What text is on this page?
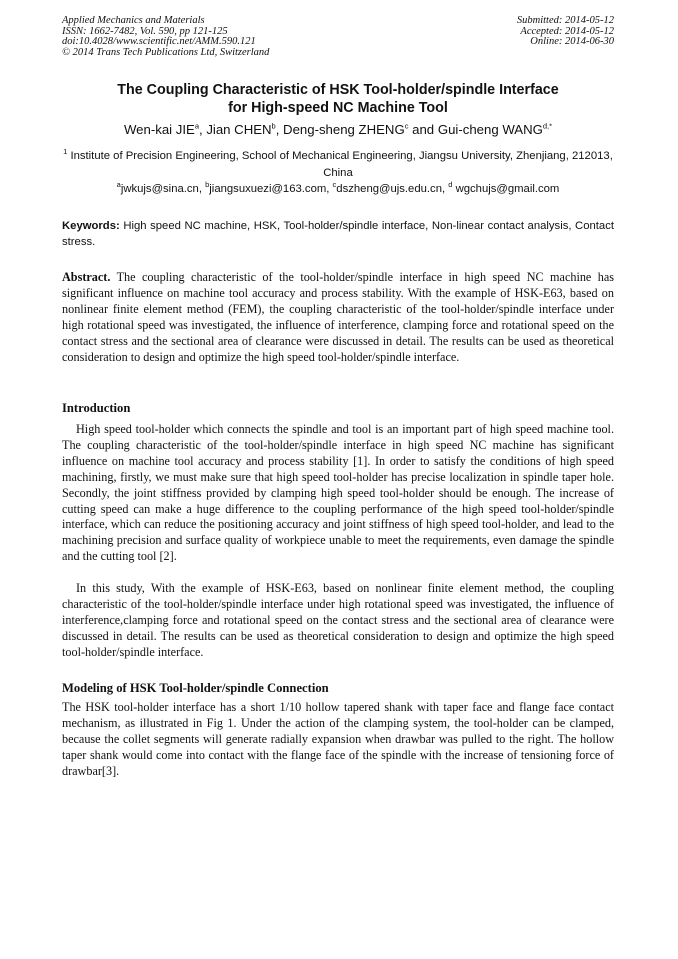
Applied Mechanics and Materials
ISSN: 1662-7482, Vol. 590, pp 121-125
doi:10.4028/www.scientific.net/AMM.590.121
© 2014 Trans Tech Publications Ltd, Switzerland
Submitted: 2014-05-12
Accepted: 2014-05-12
Online: 2014-06-30
The Coupling Characteristic of HSK Tool-holder/spindle Interface
for High-speed NC Machine Tool
Wen-kai JIE$^a$, Jian CHEN$^b$, Deng-sheng ZHENG$^c$ and Gui-cheng $WANG^{d,*}$
$^1$ Institute of Precision Engineering, School of Mechanical Engineering, Jiangsu University, Zhenjiang, 212013, China
$^a$jwkujs@sina.cn, $^b$jiangsuxuezi@163.com, $^c$dszheng@ujs.edu.cn, $^d$ wgchujs@gmail.com
Keywords: High speed NC machine, HSK, Tool-holder/spindle interface, Non-linear contact analysis, Contact stress.
Abstract. The coupling characteristic of the tool-holder/spindle interface in high speed NC machine has significant influence on machine tool accuracy and process stability. With the example of HSK-E63, based on nonlinear finite element method (FEM), the coupling characteristic of the tool-holder/spindle interface under high rotational speed was investigated, the influence of interference, clamping force and rotational speed on the contact stress and the sectional area of clearance were discussed in detail. The results can be used as theoretical consideration to design and optimize the high speed tool-holder/spindle interface.
Introduction
High speed tool-holder which connects the spindle and tool is an important part of high speed machine tool. The coupling characteristic of the tool-holder/spindle interface in high speed NC machine has significant influence on machine tool accuracy and process stability [1]. In order to satisfy the conditions of high speed machining, firstly, we must make sure that high speed tool-holder has precise localization in spindle taper hole. Secondly, the joint stiffness provided by clamping high speed tool-holder should be enough. The increase of cutting speed can make a huge difference to the coupling performance of the high speed tool-holder/spindle interface, which can reduce the positioning accuracy and joint stiffness of high speed tool-holder, and lead to the machining precision and surface quality of workpiece unable to meet the requirements, even damage the spindle and the cutting tool [2].
In this study, With the example of HSK-E63, based on nonlinear finite element method, the coupling characteristic of the tool-holder/spindle interface under high rotational speed was investigated, the influence of interference,clamping force and rotational speed on the contact stress and the sectional area of clearance were discussed in detail. The results can be used as theoretical consideration to design and optimize the high speed tool-holder/spindle interface.
Modeling of HSK Tool-holder/spindle Connection
The HSK tool-holder interface has a short 1/10 hollow tapered shank with taper face and flange face contact mechanism, as illustrated in Fig 1. Under the action of the clamping system, the tool-holder can be clamped, because the collet segments will generate radially expansion when drawbar was pulled to the right. The hollow taper shank would come into contact with the flange face of the spindle with the increase of tensioning force of drawbar[3].
